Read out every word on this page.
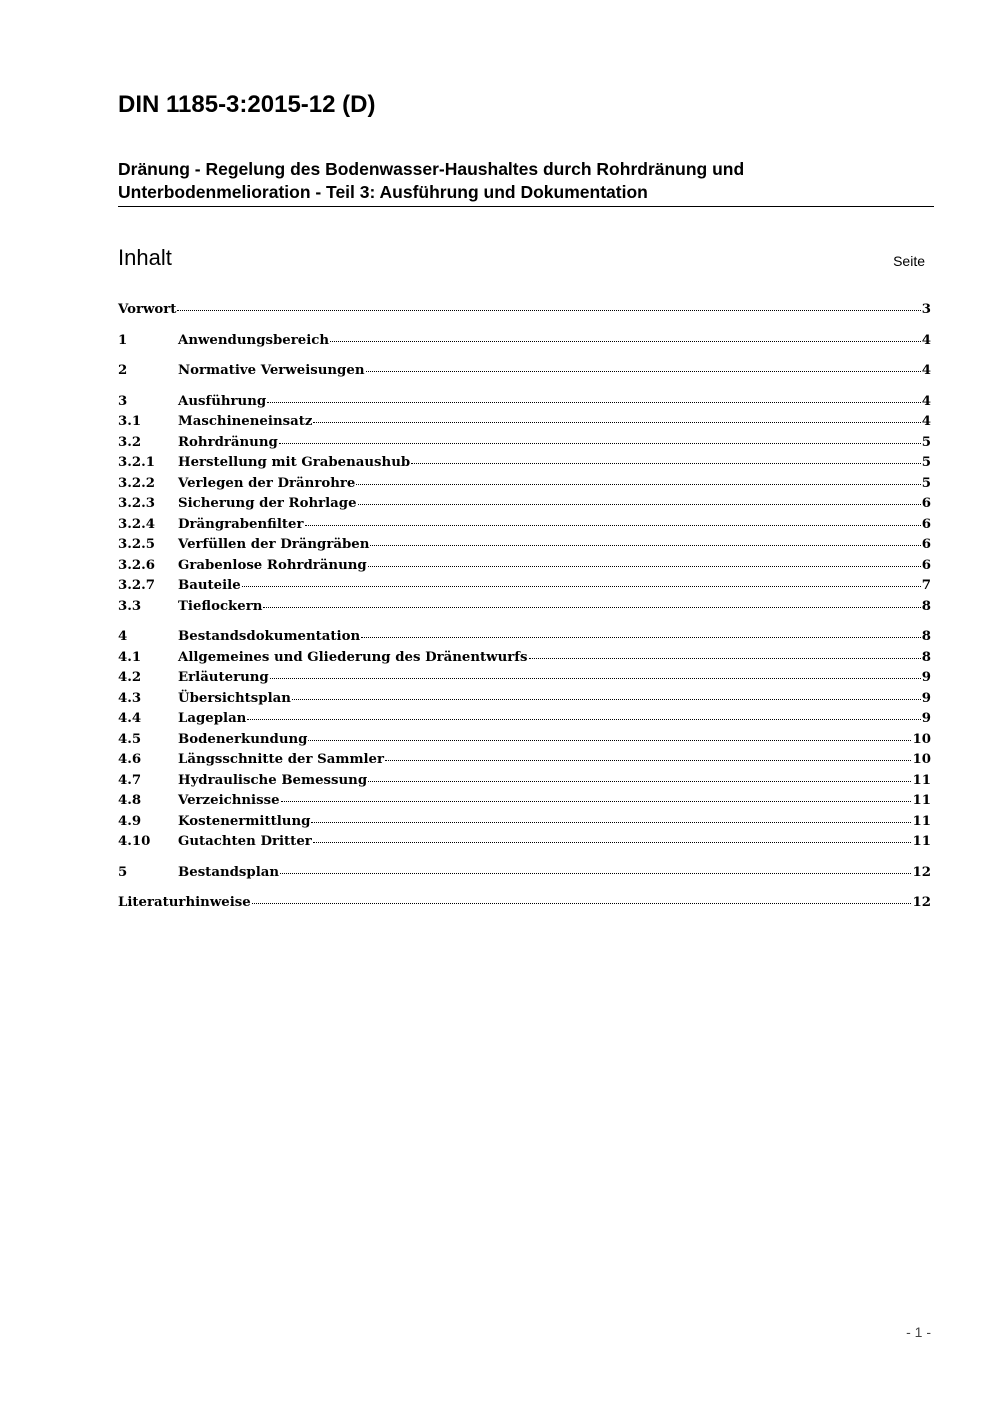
DIN 1185-3:2015-12 (D)
Dränung - Regelung des Bodenwasser-Haushaltes durch Rohrdränung und
Unterbodenmelioration - Teil 3: Ausführung und Dokumentation
Inhalt	Seite
Vorwort	3
1	Anwendungsbereich	4
2	Normative Verweisungen	4
3	Ausführung	4
3.1	Maschineneinsatz	4
3.2	Rohrdränung	5
3.2.1	Herstellung mit Grabenaushub	5
3.2.2	Verlegen der Dränrohre	5
3.2.3	Sicherung der Rohrlage	6
3.2.4	Drängrabenfilter	6
3.2.5	Verfüllen der Drängräben	6
3.2.6	Grabenlose Rohrdränung	6
3.2.7	Bauteile	7
3.3	Tieflockern	8
4	Bestandsdokumentation	8
4.1	Allgemeines und Gliederung des Dränentwurfs	8
4.2	Erläuterung	9
4.3	Übersichtsplan	9
4.4	Lageplan	9
4.5	Bodenerkundung	10
4.6	Längsschnitte der Sammler	10
4.7	Hydraulische Bemessung	11
4.8	Verzeichnisse	11
4.9	Kostenermittlung	11
4.10	Gutachten Dritter	11
5	Bestandsplan	12
Literaturhinweise	12
- 1 -
